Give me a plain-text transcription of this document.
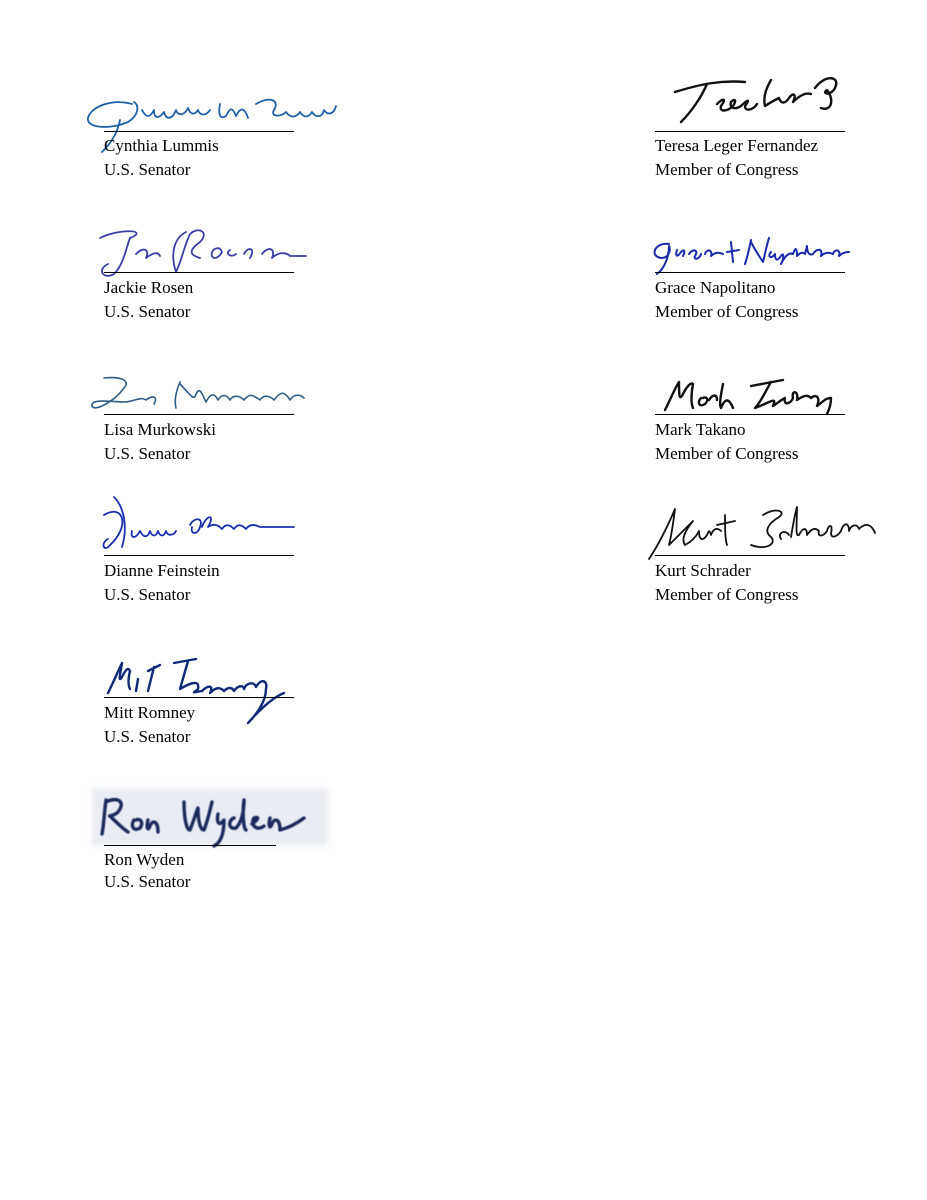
Cynthia Lummis
U.S. Senator
Jackie Rosen
U.S. Senator
Lisa Murkowski
U.S. Senator
Dianne Feinstein
U.S. Senator
Mitt Romney
U.S. Senator
Ron Wyden
U.S. Senator
Teresa Leger Fernandez
Member of Congress
Grace Napolitano
Member of Congress
Mark Takano
Member of Congress
Kurt Schrader
Member of Congress
